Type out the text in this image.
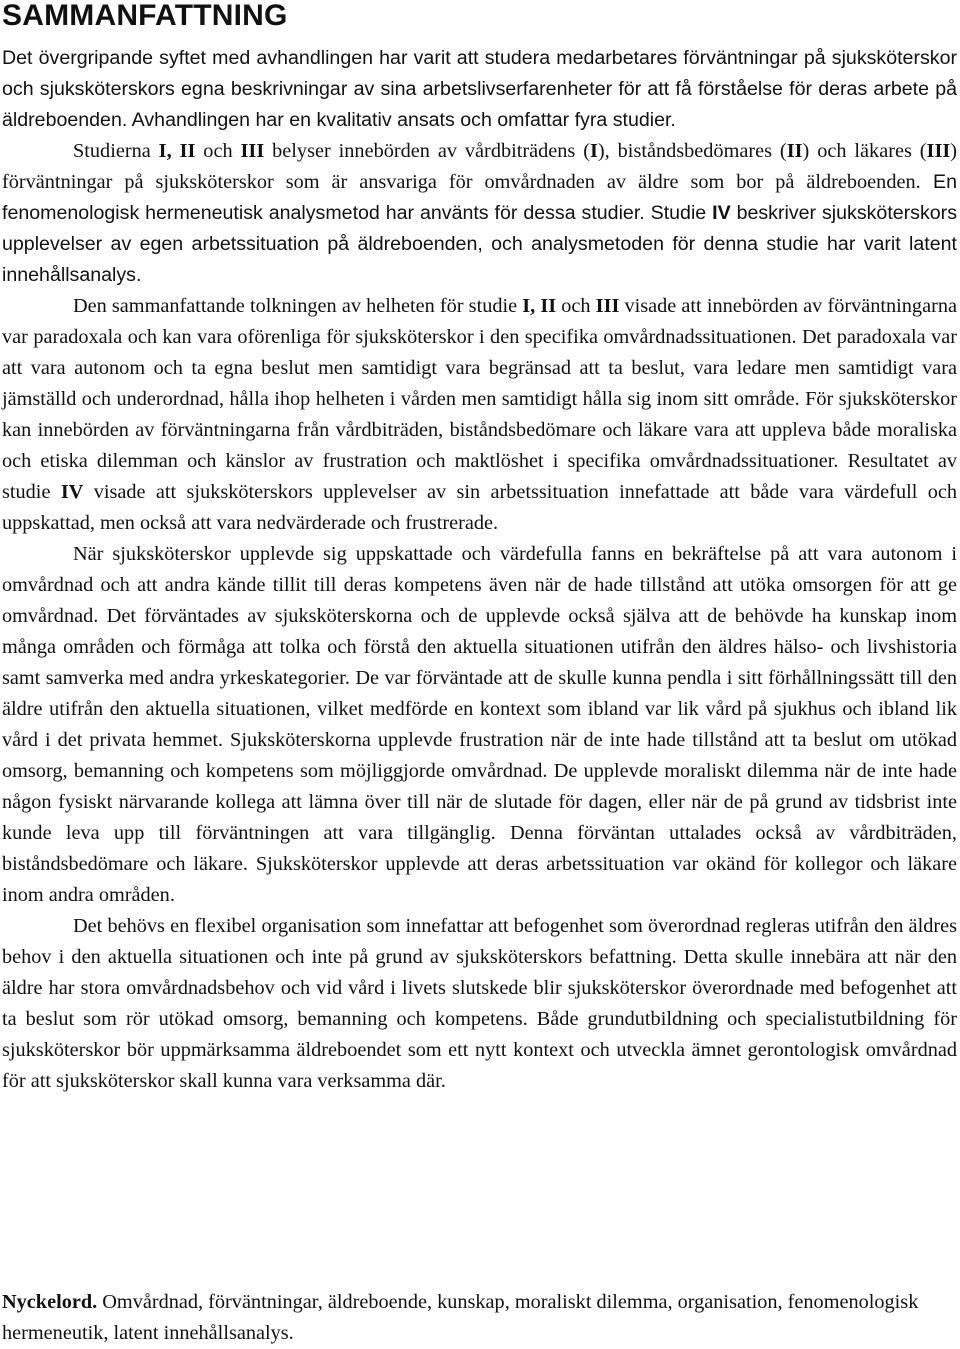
SAMMANFATTNING

Det övergripande syftet med avhandlingen har varit att studera medarbetares förväntningar på sjuksköterskor och sjuksköterskors egna beskrivningar av sina arbetslivserfarenheter för att få förståelse för deras arbete på äldreboenden. Avhandlingen har en kvalitativ ansats och omfattar fyra studier.

Studierna I, II och III belyser innebörden av vårdbiträdens (I), biståndsbedömares (II) och läkares (III) förväntningar på sjuksköterskor som är ansvariga för omvårdnaden av äldre som bor på äldreboenden. En fenomenologisk hermeneutisk analysmetod har använts för dessa studier. Studie IV beskriver sjuksköterskors upplevelser av egen arbetssituation på äldreboenden, och analysmetoden för denna studie har varit latent innehållsanalys.

Den sammanfattande tolkningen av helheten för studie I, II och III visade att innebörden av förväntningarna var paradoxala och kan vara oförenliga för sjuksköterskor i den specifika omvårdnadssituationen. Det paradoxala var att vara autonom och ta egna beslut men samtidigt vara begränsad att ta beslut, vara ledare men samtidigt vara jämställd och underordnad, hålla ihop helheten i vården men samtidigt hålla sig inom sitt område. För sjuksköterskor kan innebörden av förväntningarna från vårdbiträden, biståndsbedömare och läkare vara att uppleva både moraliska och etiska dilemman och känslor av frustration och maktlöshet i specifika omvårdnadssituationer. Resultatet av studie IV visade att sjuksköterskors upplevelser av sin arbetssituation innefattade att både vara värdefull och uppskattad, men också att vara nedvärderade och frustrerade.

När sjuksköterskor upplevde sig uppskattade och värdefulla fanns en bekräftelse på att vara autonom i omvårdnad och att andra kände tillit till deras kompetens även när de hade tillstånd att utöka omsorgen för att ge omvårdnad. Det förväntades av sjuksköterskorna och de upplevde också själva att de behövde ha kunskap inom många områden och förmåga att tolka och förstå den aktuella situationen utifrån den äldres hälso- och livshistoria samt samverka med andra yrkeskategorier. De var förväntade att de skulle kunna pendla i sitt förhållningssätt till den äldre utifrån den aktuella situationen, vilket medförde en kontext som ibland var lik vård på sjukhus och ibland lik vård i det privata hemmet. Sjuksköterskorna upplevde frustration när de inte hade tillstånd att ta beslut om utökad omsorg, bemanning och kompetens som möjliggjorde omvårdnad. De upplevde moraliskt dilemma när de inte hade någon fysiskt närvarande kollega att lämna över till när de slutade för dagen, eller när de på grund av tidsbrist inte kunde leva upp till förväntningen att vara tillgänglig. Denna förväntan uttalades också av vårdbiträden, biståndsbedömare och läkare. Sjuksköterskor upplevde att deras arbetssituation var okänd för kollegor och läkare inom andra områden.

Det behövs en flexibel organisation som innefattar att befogenhet som överordnad regleras utifrån den äldres behov i den aktuella situationen och inte på grund av sjuksköterskors befattning. Detta skulle innebära att när den äldre har stora omvårdnadsbehov och vid vård i livets slutskede blir sjuksköterskor överordnade med befogenhet att ta beslut som rör utökad omsorg, bemanning och kompetens. Både grundutbildning och specialistutbildning för sjuksköterskor bör uppmärksamma äldreboendet som ett nytt kontext och utveckla ämnet gerontologisk omvårdnad för att sjuksköterskor skall kunna vara verksamma där.

Nyckelord. Omvårdnad, förväntningar, äldreboende, kunskap, moraliskt dilemma, organisation, fenomenologisk hermeneutik, latent innehållsanalys.
